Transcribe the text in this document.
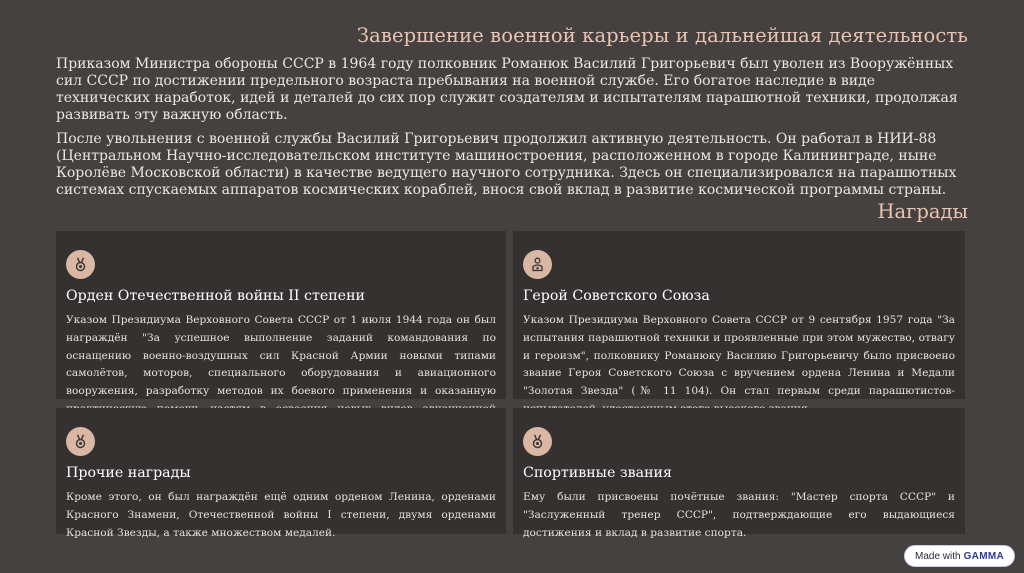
Завершение военной карьеры и дальнейшая деятельность

Приказом Министра обороны СССР в 1964 году полковник Романюк Василий Григорьевич был уволен из Вооружённых сил СССР по достижении предельного возраста пребывания на военной службе. Его богатое наследие в виде технических наработок, идей и деталей до сих пор служит создателям и испытателям парашютной техники, продолжая развивать эту важную область.

После увольнения с военной службы Василий Григорьевич продолжил активную деятельность. Он работал в НИИ-88 (Центральном Научно-исследовательском институте машиностроения, расположенном в городе Калининграде, ныне Королёве Московской области) в качестве ведущего научного сотрудника. Здесь он специализировался на парашютных системах спускаемых аппаратов космических кораблей, внося свой вклад в развитие космической программы страны.

Награды
Орден Отечественной войны II степени

Указом Президиума Верховного Совета СССР от 1 июля 1944 года он был награждён "За успешное выполнение заданий командования по оснащению военно-воздушных сил Красной Армии новыми типами самолётов, моторов, специального оборудования и авиационного вооружения, разработку методов их боевого применения и оказанную

Герой Советского Союза

Указом Президиума Верховного Совета СССР от 9 сентября 1957 года "За испытания парашютной техники и проявленные при этом мужество, отвагу и героизм", полковнику Романюку Василию Григорьевичу было присвоено звание Героя Советского Союза с вручением ордена Ленина и Медали "Золотая Звезда" (№ 11 104). Он стал первым среди парашютистов-

Прочие награды

Кроме этого, он был награждён ещё одним орденом Ленина, орденами Красного Знамени, Отечественной войны I степени, двумя орденами Красной Звезды, а также множеством медалей.

Спортивные звания

Ему были присвоены почётные звания: "Мастер спорта СССР" и "Заслуженный тренер СССР", подтверждающие его выдающиеся достижения и вклад в развитие спорта.

Made with GAMMA
